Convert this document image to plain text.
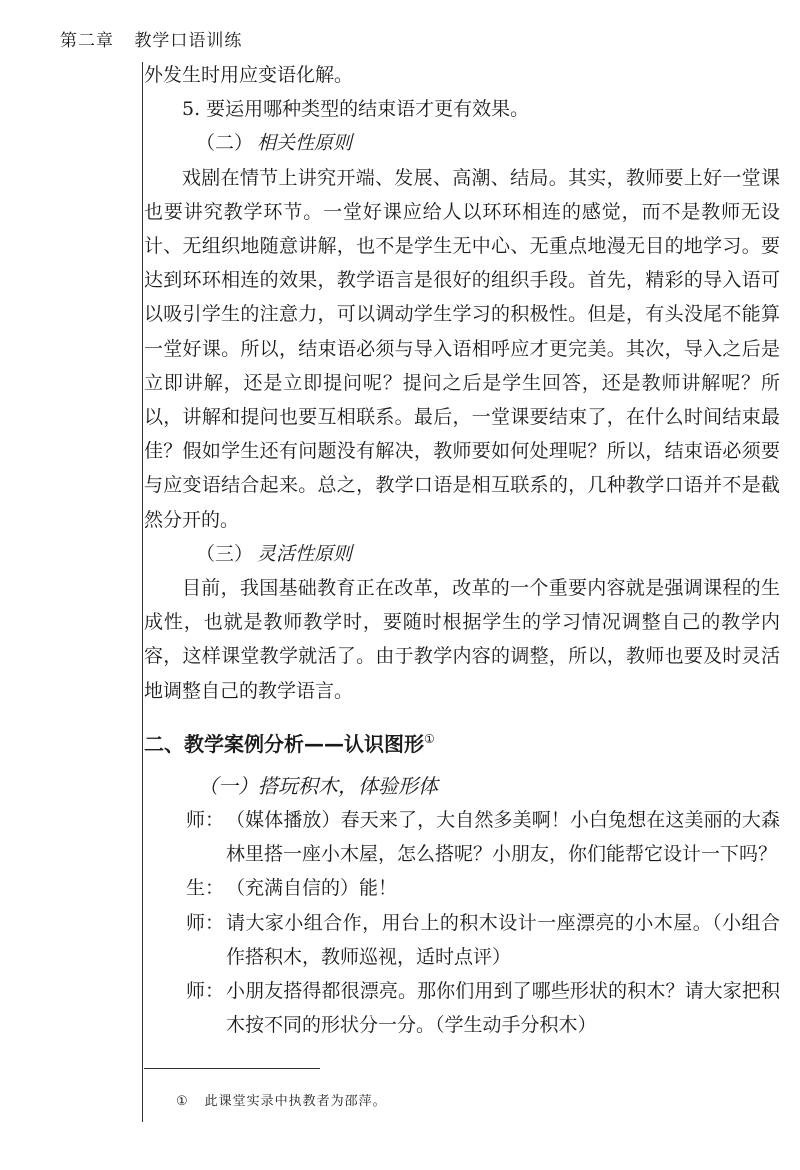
第二章 教学口语训练

外发生时用应变语化解。

5. 要运用哪种类型的结束语才更有效果。

（二） 相关性原则

戏剧在情节上讲究开端、发展、高潮、结局。其实，教师要上好一堂课也要讲究教学环节。一堂好课应给人以环环相连的感觉，而不是教师无设计、无组织地随意讲解，也不是学生无中心、无重点地漫无目的地学习。要达到环环相连的效果，教学语言是很好的组织手段。首先，精彩的导入语可以吸引学生的注意力，可以调动学生学习的积极性。但是，有头没尾不能算一堂好课。所以，结束语必须与导入语相呼应才更完美。其次，导入之后是立即讲解，还是立即提问呢？提问之后是学生回答，还是教师讲解呢？所以，讲解和提问也要互相联系。最后，一堂课要结束了，在什么时间结束最佳？假如学生还有问题没有解决，教师要如何处理呢？所以，结束语必须要与应变语结合起来。总之，教学口语是相互联系的，几种教学口语并不是截然分开的。

（三） 灵活性原则

目前，我国基础教育正在改革，改革的一个重要内容就是强调课程的生成性，也就是教师教学时，要随时根据学生的学习情况调整自己的教学内容，这样课堂教学就活了。由于教学内容的调整，所以，教师也要及时灵活地调整自己的教学语言。

二、教学案例分析——认识图形①

（一）搭玩积木，体验形体

师： （媒体播放）春天来了，大自然多美啊！小白兔想在这美丽的大森林里搭一座小木屋，怎么搭呢？小朋友，你们能帮它设计一下吗？
生： （充满自信的）能！
师： 请大家小组合作，用台上的积木设计一座漂亮的小木屋。（小组合作搭积木，教师巡视，适时点评）
师： 小朋友搭得都很漂亮。那你们用到了哪些形状的积木？请大家把积木按不同的形状分一分。（学生动手分积木）
① 此课堂实录中执教者为邵萍。
